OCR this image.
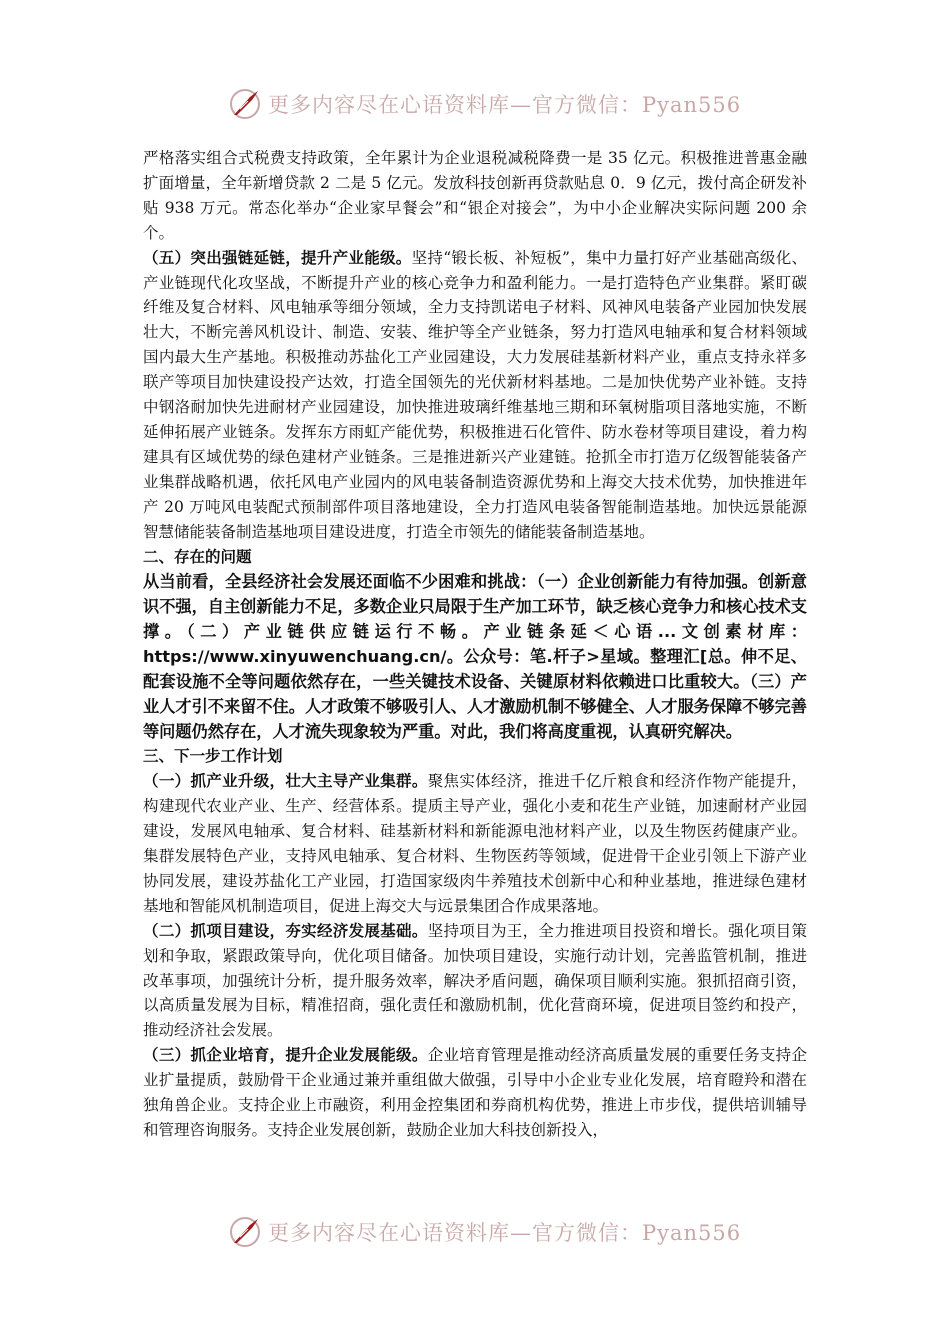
更多内容尽在心语资料库—官方微信：Pyan556

严格落实组合式税费支持政策，全年累计为企业退税减税降费一是 35 亿元。积极推进普惠金融扩面增量，全年新增贷款 2 二是 5 亿元。发放科技创新再贷款贴息 0．9 亿元，拨付高企研发补贴 938 万元。常态化举办“企业家早餐会”和“银企对接会”，为中小企业解决实际问题 200 余个。

（五）突出强链延链，提升产业能级。坚持“锻长板、补短板”，集中力量打好产业基础高级化、产业链现代化攻坚战，不断提升产业的核心竞争力和盈利能力。一是打造特色产业集群。紧盯碳纤维及复合材料、风电轴承等细分领域，全力支持凯诺电子材料、风神风电装备产业园加快发展壮大，不断完善风机设计、制造、安装、维护等全产业链条，努力打造风电轴承和复合材料领域国内最大生产基地。积极推动苏盐化工产业园建设，大力发展硅基新材料产业，重点支持永祥多联产等项目加快建设投产达效，打造全国领先的光伏新材料基地。二是加快优势产业补链。支持中钢洛耐加快先进耐材产业园建设，加快推进玻璃纤维基地三期和环氧树脂项目落地实施，不断延伸拓展产业链条。发挥东方雨虹产能优势，积极推进石化管件、防水卷材等项目建设，着力构建具有区域优势的绿色建材产业链条。三是推进新兴产业建链。抢抓全市打造万亿级智能装备产业集群战略机遇，依托风电产业园内的风电装备制造资源优势和上海交大技术优势，加快推进年产 20 万吨风电装配式预制部件项目落地建设，全力打造风电装备智能制造基地。加快远景能源智慧储能装备制造基地项目建设进度，打造全市领先的储能装备制造基地。

二、存在的问题

从当前看，全县经济社会发展还面临不少困难和挑战：（一）企业创新能力有待加强。创新意识不强，自主创新能力不足，多数企业只局限于生产加工环节，缺乏核心竞争力和核心技术支撑。（二）产业链供应链运行不畅。产业链条延＜心语...文创素材库：https://www.xinyuwenchuang.cn/。公众号：笔.杆子>星域。整理汇[总。伸不足、配套设施不全等问题依然存在，一些关键技术设备、关键原材料依赖进口比重较大。（三）产业人才引不来留不住。人才政策不够吸引人、人才激励机制不够健全、人才服务保障不够完善等问题仍然存在，人才流失现象较为严重。对此，我们将高度重视，认真研究解决。

三、下一步工作计划

（一）抓产业升级，壮大主导产业集群。聚焦实体经济，推进千亿斤粮食和经济作物产能提升，构建现代农业产业、生产、经营体系。提质主导产业，强化小麦和花生产业链，加速耐材产业园建设，发展风电轴承、复合材料、硅基新材料和新能源电池材料产业，以及生物医药健康产业。集群发展特色产业，支持风电轴承、复合材料、生物医药等领域，促进骨干企业引领上下游产业协同发展，建设苏盐化工产业园，打造国家级肉牛养殖技术创新中心和种业基地，推进绿色建材基地和智能风机制造项目，促进上海交大与远景集团合作成果落地。

（二）抓项目建设，夯实经济发展基础。坚持项目为王，全力推进项目投资和增长。强化项目策划和争取，紧跟政策导向，优化项目储备。加快项目建设，实施行动计划，完善监管机制，推进改革事项，加强统计分析，提升服务效率，解决矛盾问题，确保项目顺利实施。狠抓招商引资，以高质量发展为目标，精准招商，强化责任和激励机制，优化营商环境，促进项目签约和投产，推动经济社会发展。

（三）抓企业培育，提升企业发展能级。企业培育管理是推动经济高质量发展的重要任务支持企业扩量提质，鼓励骨干企业通过兼并重组做大做强，引导中小企业专业化发展，培育瞪羚和潜在独角兽企业。支持企业上市融资，利用金控集团和券商机构优势，推进上市步伐，提供培训辅导和管理咨询服务。支持企业发展创新，鼓励企业加大科技创新投入，

更多内容尽在心语资料库—官方微信：Pyan556
